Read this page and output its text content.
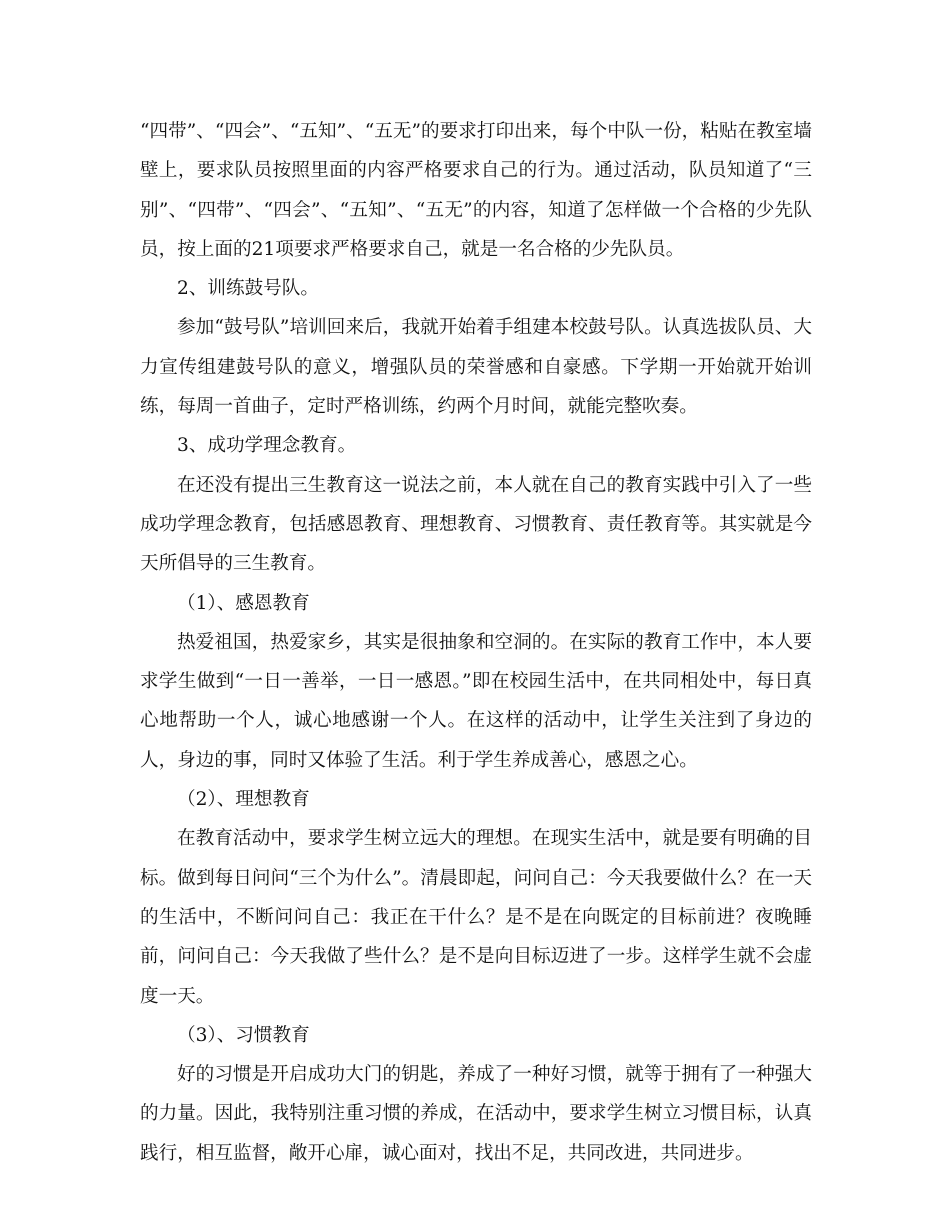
“四带”、“四会”、“五知”、“五无”的要求打印出来，每个中队一份，粘贴在教室墙壁上，要求队员按照里面的内容严格要求自己的行为。通过活动，队员知道了“三别”、“四带”、“四会”、“五知”、“五无”的内容，知道了怎样做一个合格的少先队员，按上面的21项要求严格要求自己，就是一名合格的少先队员。

2、训练鼓号队。

参加“鼓号队”培训回来后，我就开始着手组建本校鼓号队。认真选拔队员、大力宣传组建鼓号队的意义，增强队员的荣誉感和自豪感。下学期一开始就开始训练，每周一首曲子，定时严格训练，约两个月时间，就能完整吹奏。

3、成功学理念教育。

在还没有提出三生教育这一说法之前，本人就在自己的教育实践中引入了一些成功学理念教育，包括感恩教育、理想教育、习惯教育、责任教育等。其实就是今天所倡导的三生教育。

（1）、感恩教育

热爱祖国，热爱家乡，其实是很抽象和空洞的。在实际的教育工作中，本人要求学生做到“一日一善举，一日一感恩。”即在校园生活中，在共同相处中，每日真心地帮助一个人，诚心地感谢一个人。在这样的活动中，让学生关注到了身边的人，身边的事，同时又体验了生活。利于学生养成善心，感恩之心。

（2）、理想教育

在教育活动中，要求学生树立远大的理想。在现实生活中，就是要有明确的目标。做到每日问问“三个为什么”。清晨即起，问问自己：今天我要做什么？在一天的生活中，不断问问自己：我正在干什么？是不是在向既定的目标前进？夜晚睡前，问问自己：今天我做了些什么？是不是向目标迈进了一步。这样学生就不会虚度一天。

（3）、习惯教育

好的习惯是开启成功大门的钥匙，养成了一种好习惯，就等于拥有了一种强大的力量。因此，我特别注重习惯的养成，在活动中，要求学生树立习惯目标，认真践行，相互监督，敞开心扉，诚心面对，找出不足，共同改进，共同进步。
